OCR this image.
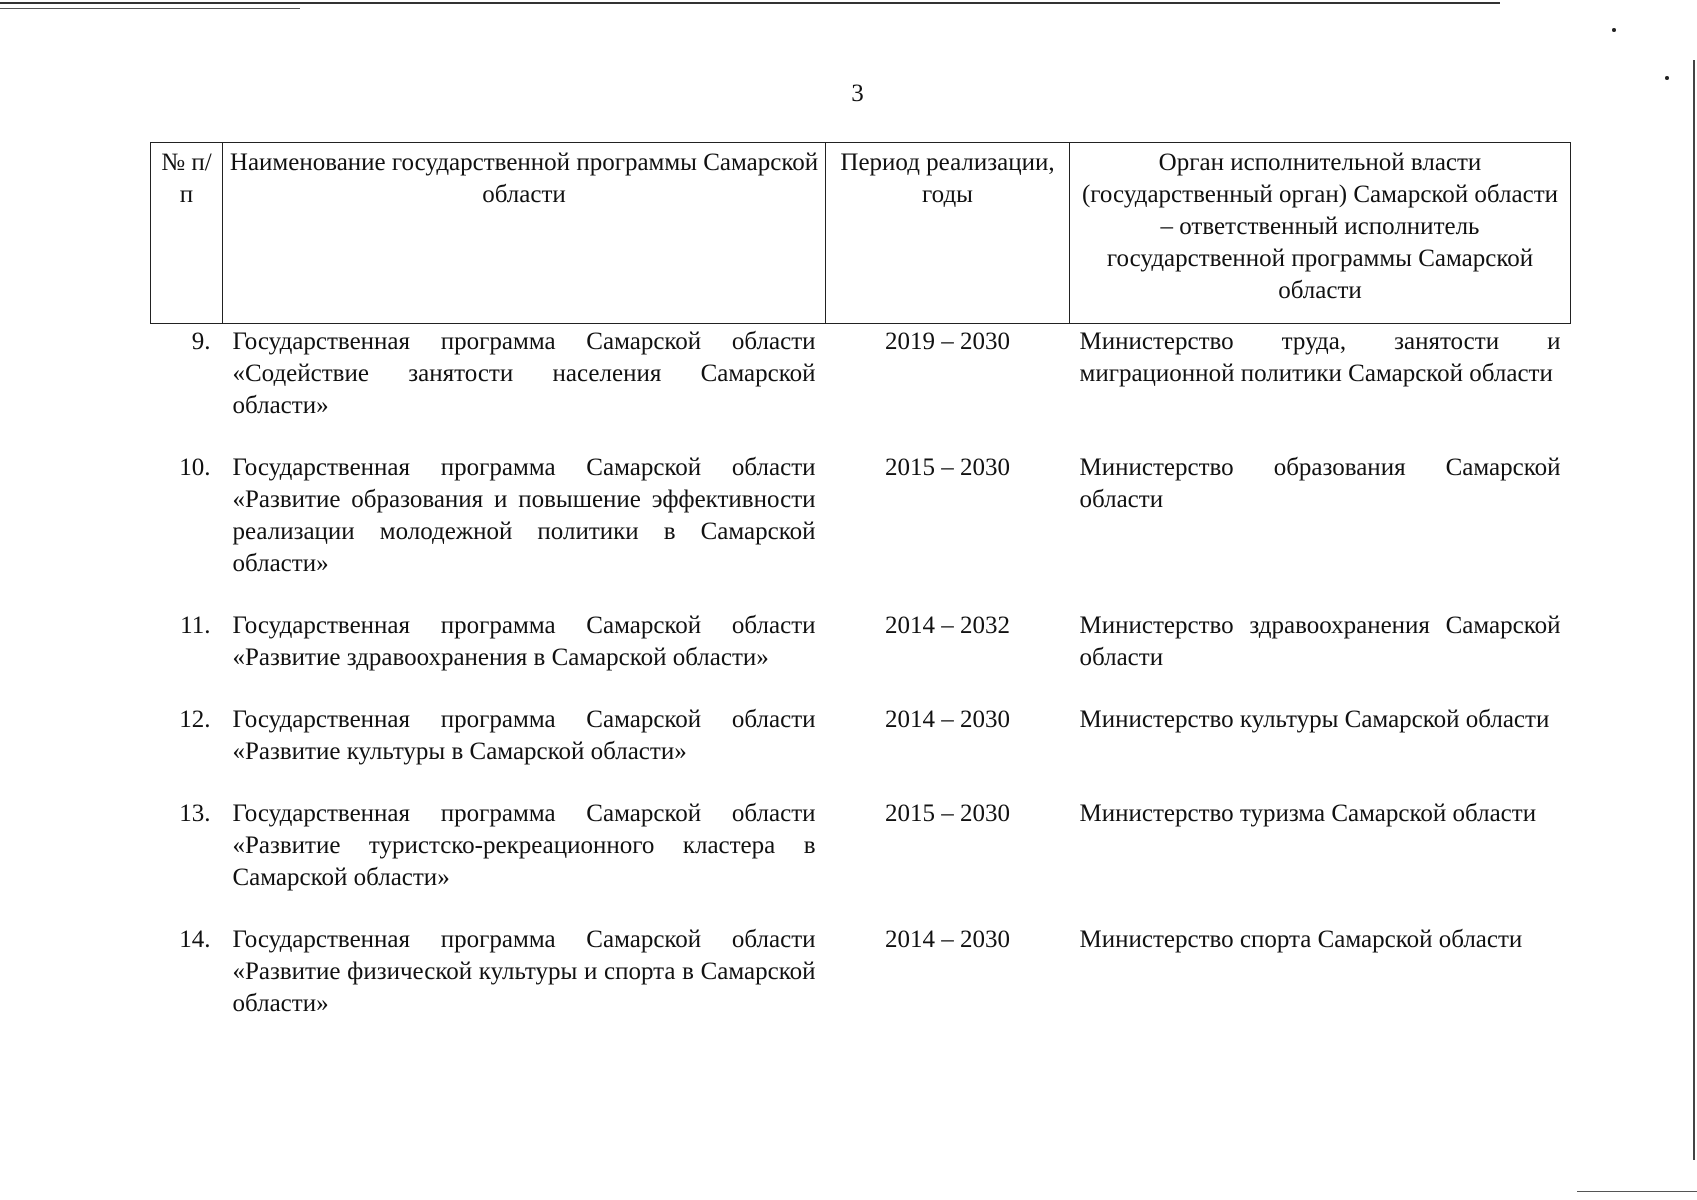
3
№ п/п	Наименование государственной программы Самарской области	Период реализации, годы	Орган исполнительной власти (государственный орган) Самарской области – ответственный исполнитель государственной программы Самарской области
9.	Государственная программа Самарской области «Содействие занятости населения Самарской области»	2019 – 2030	Министерство труда, занятости и миграционной политики Самарской области
10.	Государственная программа Самарской области «Развитие образования и повышение эффективности реализации молодежной политики в Самарской области»	2015 – 2030	Министерство образования Самарской области
11.	Государственная программа Самарской области «Развитие здравоохранения в Самарской области»	2014 – 2032	Министерство здравоохранения Самарской области
12.	Государственная программа Самарской области «Развитие культуры в Самарской области»	2014 – 2030	Министерство культуры Самарской области
13.	Государственная программа Самарской области «Развитие туристско-рекреационного кластера в Самарской области»	2015 – 2030	Министерство туризма Самарской области
14.	Государственная программа Самарской области «Развитие физической культуры и спорта в Самарской области»	2014 – 2030	Министерство спорта Самарской области
